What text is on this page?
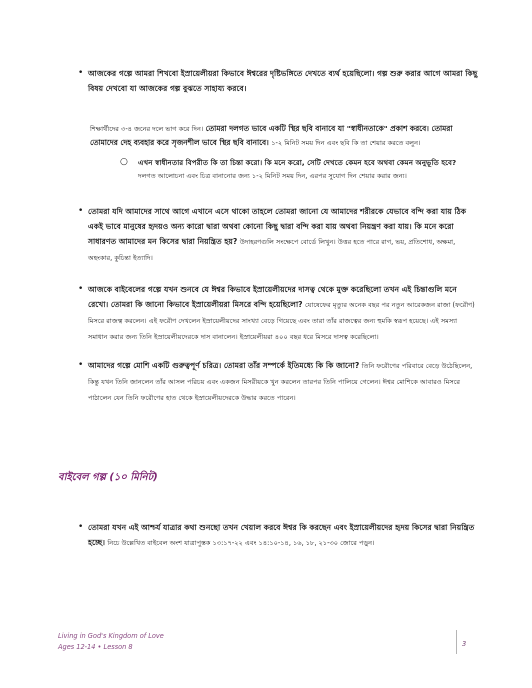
• আজকের গল্পে আমরা শিখবো ইস্রায়েলীয়রা কিভাবে ঈশ্বরের দৃষ্টিভঙ্গিতে দেখতে ব্যর্থ হয়েছিলো। গল্প শুরু করার আগে আমরা কিছু বিষয় দেখবো যা আজকের গল্প বুঝতে সাহায্য করবে।
শিক্ষার্থীদের ৩-৪ জনের দলে ভাগ করে দিন। তোমরা দলগত ভাবে একটি স্থির ছবি বানাবে যা "স্বাধীনতাকে" প্রকাশ করবে। তোমরা তোমাদের দেহ ব্যবহার করে সৃজনশীল ভাবে স্থির ছবি বানাবে। ১-২ মিনিট সময় দিন এবং ছবি কি তা শেয়ার করতে বলুন।
○	এখন স্বাধীনতার বিপরীত কি তা চিন্তা করো। কি মনে করো, সেটি দেখতে কেমন হবে অথবা কেমন অনুভূতি হবে?
দলগত আলোচনা এবং চিত্র বানানোর জন্য ১-২ মিনিট সময় দিন, এরপর সুযোগ দিন শেয়ার করার জন্য।
• তোমরা যদি আমাদের সাথে আগে এখানে এসে থাকো তাহলে তোমরা জানো যে আমাদের শরীরকে যেভাবে বন্দি করা যায় ঠিক একই ভাবে মানুষের হৃদয়ও অন্য কারো দ্বারা অথবা কোনো কিছু দ্বারা বন্দি করা যায় অথবা নিয়ন্ত্রণ করা যায়। কি মনে করো সাধারণত আমাদের মন কিসের দ্বারা নিয়ন্ত্রিত হয়? উদাহরণগুলি সংক্ষেপে বোর্ডে লিখুন। উত্তর হতে পারে রাগ, ভয়, প্রতিশোধ, অক্ষমা, অহংকার, কুচিন্তা ইত্যাদি।
• আজকে বাইবেলের গল্পে যখন শুনবে যে ঈশ্বর কিভাবে ইস্রায়েলীয়দের দাসত্ব থেকে মুক্ত করেছিলো তখন এই চিন্তাগুলি মনে রেখো। তোমরা কি জানো কিভাবে ইস্রায়েলীয়রা মিসরে বন্দি হয়েছিলো? যোষেফের মৃত্যুর অনেক বছর পর নতুন আরেকজন রাজা (ফরৌণ) মিসরে রাজত্ব করলেন। এই ফরৌণ দেখলেন ইস্রায়েলীয়দের সাংখ্যা বেড়ে গিয়েছে এবং তারা তাঁর রাজত্বের জন্য হুমকি স্বরূপ হয়েছে। এই সমস্যা সমাধান করার জন্য তিনি ইস্রায়েলীয়দেরকে দাস বানালেন। ইস্রায়েলীয়রা ৪০০ বছর ধরে মিসরে দাসত্ব করেছিলো।
• আমাদের গল্পে মোশি একটি গুরুত্বপূর্ণ চরিত্র। তোমরা তাঁর সম্পর্কে ইতিমধ্যে কি কি জানো? তিনি ফরৌণের পরিবারে বেড়ে উঠেছিলেন, কিন্তু যখন তিনি জানলেন তাঁর আসল পরিচয় এবং একজন মিসরীয়কে খুন করলেন তারপর তিনি পালিয়ে গেলেন। ঈশ্বর মোশিকে আবারও মিসরে পাঠালেন যেন তিনি ফরৌণের হাত থেকে ইস্রায়েলীয়দেরকে উদ্ধার করতে পারেন।
বাইবেল গল্প (১০ মিনিট)
• তোমরা যখন এই আশ্চর্য যাত্রার কথা শুনছো তখন খেয়াল করবে ঈশ্বর কি করছেন এবং ইস্রায়েলীয়দের হৃদয় কিসের দ্বারা নিয়ন্ত্রিত হচ্ছে। নিচে উল্লেখিত বাইবেল অংশ যাত্রাপুস্তক ১৩:১৭-২২ এবং ১৪:১০-১৪, ১৬, ১৮, ২১-৩০ জোরে পড়ুন।
Living in God's Kingdom of Love
Ages 12-14 • Lesson 8	3
